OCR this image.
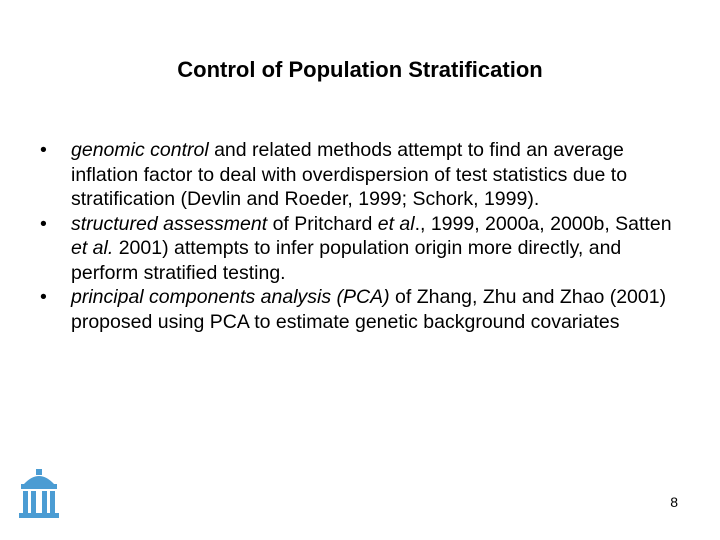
Control of Population Stratification
• genomic control and related methods attempt to find an average inflation factor to deal with overdispersion of test statistics due to stratification (Devlin and Roeder, 1999; Schork, 1999).
• structured assessment of Pritchard et al., 1999, 2000a, 2000b, Satten et al. 2001) attempts to infer population origin more directly, and perform stratified testing.
• principal components analysis (PCA) of Zhang, Zhu and Zhao (2001) proposed using PCA to estimate genetic background covariates
8
